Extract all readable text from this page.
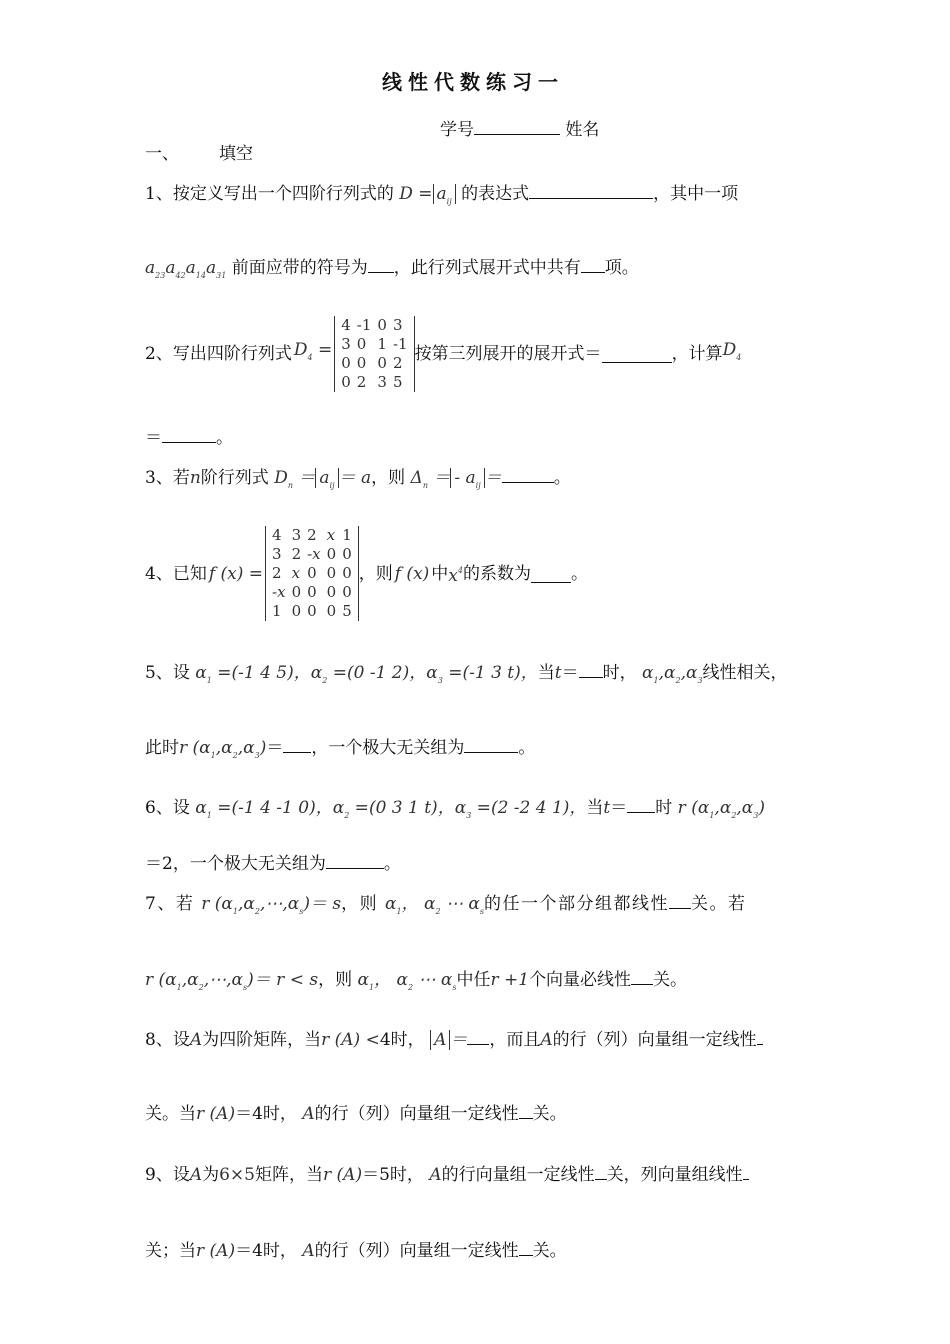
线性代数练习一
学号	姓名
一、 填空
1、按定义写出一个四阶行列式的 $D = a_{ij}$ 的表达式	，其中一项
$a_{23}a_{42}a_{14}a_{31}$ 前面应带的符号为 ，此行列式展开式中共有 项。
2、 写出四阶行列式 $D_4$ =
4	-1	0	3
3	0	1	-1
0	0	0	2
0	2	3	5
按第三列展开的展开式＝	，计算 $D_4$
＝	。
3、若n阶行列式 $D_n = a_{ij} = a$，则 $\Delta_n$ ＝ - $a_{ij}$ ＝	。
4、 已知 f (x) =
4	3	2	x	1
3	2	-x	0	0
2	x	0	0	0
-x	0	0	0	0
1	0	0	0	5
，则 f (x) 中 $x^4$ 的系数为 。
5、设 $\alpha_1 =(-1$ 4 5)，$\alpha_2 =(0$ -1 2)，$\alpha_3 =(-1$ 3 t)，当t＝ 时， $\alpha_1,\alpha_2,\alpha_3$线性相关，
此时r $(\alpha_1,\alpha_2,\alpha_3)=$ ，一个极大无关组为	。
6、设 $\alpha_1 =(-1$ 4 -1 0)，$\alpha_2 =(0$ 3 1 t)，$\alpha_3 =(2$ -2 4 1)，当t＝ 时 r $(\alpha_1,\alpha_2,\alpha_3)$
＝2，一个极大无关组为	。
7、若 r $(\alpha_1,\alpha_2,\cdots,\alpha_s)= s$，则 $\alpha_1$， $\alpha_2$ ⋯ $\alpha_s$的任一个部分组都线性 关。若
r $(\alpha_1,\alpha_2,\cdots,\alpha_s)= r < s$，则 $\alpha_1$， $\alpha_2$ ⋯ $\alpha_s$中任r +1个向量必线性 关。
8、设A为四阶矩阵，当r (A) <4时， A ＝ ，而且A的行（列）向量组一定线性
关。当r (A)＝4时， A的行（列）向量组一定线性 关。
9、设A为6×5矩阵，当r (A)＝5时， A的行向量组一定线性 关，列向量组线性
关；当r (A)＝4时， A的行（列）向量组一定线性 关。
